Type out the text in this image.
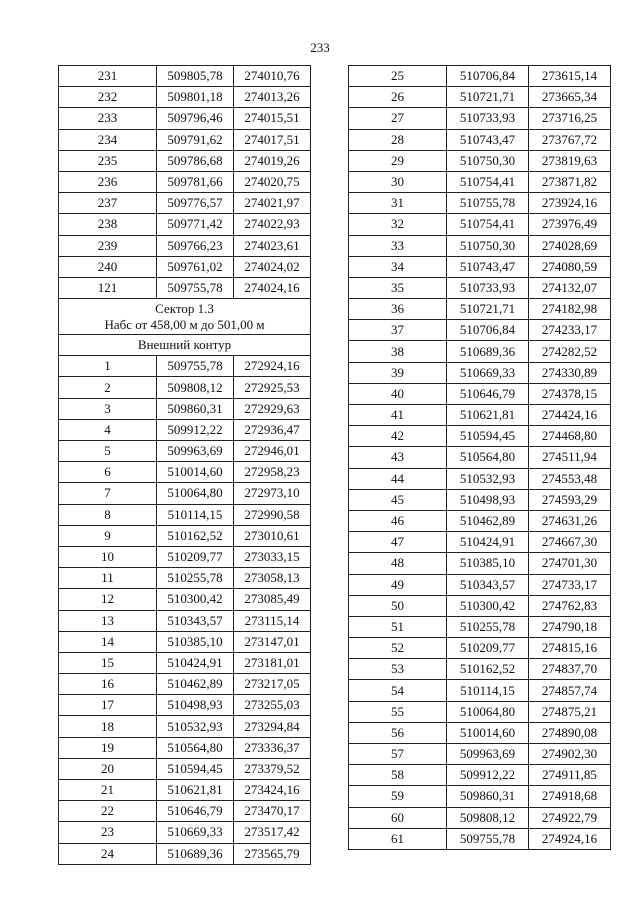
233
231	509805,78	274010,76
232	509801,18	274013,26
233	509796,46	274015,51
234	509791,62	274017,51
235	509786,68	274019,26
236	509781,66	274020,75
237	509776,57	274021,97
238	509771,42	274022,93
239	509766,23	274023,61
240	509761,02	274024,02
121	509755,78	274024,16

Сектор 1.3
Набс от 458,00 м до 501,00 м		

Внешний контур		
1	509755,78	272924,16
2	509808,12	272925,53
3	509860,31	272929,63
4	509912,22	272936,47
5	509963,69	272946,01
6	510014,60	272958,23
7	510064,80	272973,10
8	510114,15	272990,58
9	510162,52	273010,61
10	510209,77	273033,15
11	510255,78	273058,13
12	510300,42	273085,49
13	510343,57	273115,14
14	510385,10	273147,01
15	510424,91	273181,01
16	510462,89	273217,05
17	510498,93	273255,03
18	510532,93	273294,84
19	510564,80	273336,37
20	510594,45	273379,52
21	510621,81	273424,16
22	510646,79	273470,17
23	510669,33	273517,42
24	510689,36	273565,79
25	510706,84	273615,14
26	510721,71	273665,34
27	510733,93	273716,25
28	510743,47	273767,72
29	510750,30	273819,63
30	510754,41	273871,82
31	510755,78	273924,16
32	510754,41	273976,49
33	510750,30	274028,69
34	510743,47	274080,59
35	510733,93	274132,07
36	510721,71	274182,98
37	510706,84	274233,17
38	510689,36	274282,52
39	510669,33	274330,89
40	510646,79	274378,15
41	510621,81	274424,16
42	510594,45	274468,80
43	510564,80	274511,94
44	510532,93	274553,48
45	510498,93	274593,29
46	510462,89	274631,26
47	510424,91	274667,30
48	510385,10	274701,30
49	510343,57	274733,17
50	510300,42	274762,83
51	510255,78	274790,18
52	510209,77	274815,16
53	510162,52	274837,70
54	510114,15	274857,74
55	510064,80	274875,21
56	510014,60	274890,08
57	509963,69	274902,30
58	509912,22	274911,85
59	509860,31	274918,68
60	509808,12	274922,79
61	509755,78	274924,16
